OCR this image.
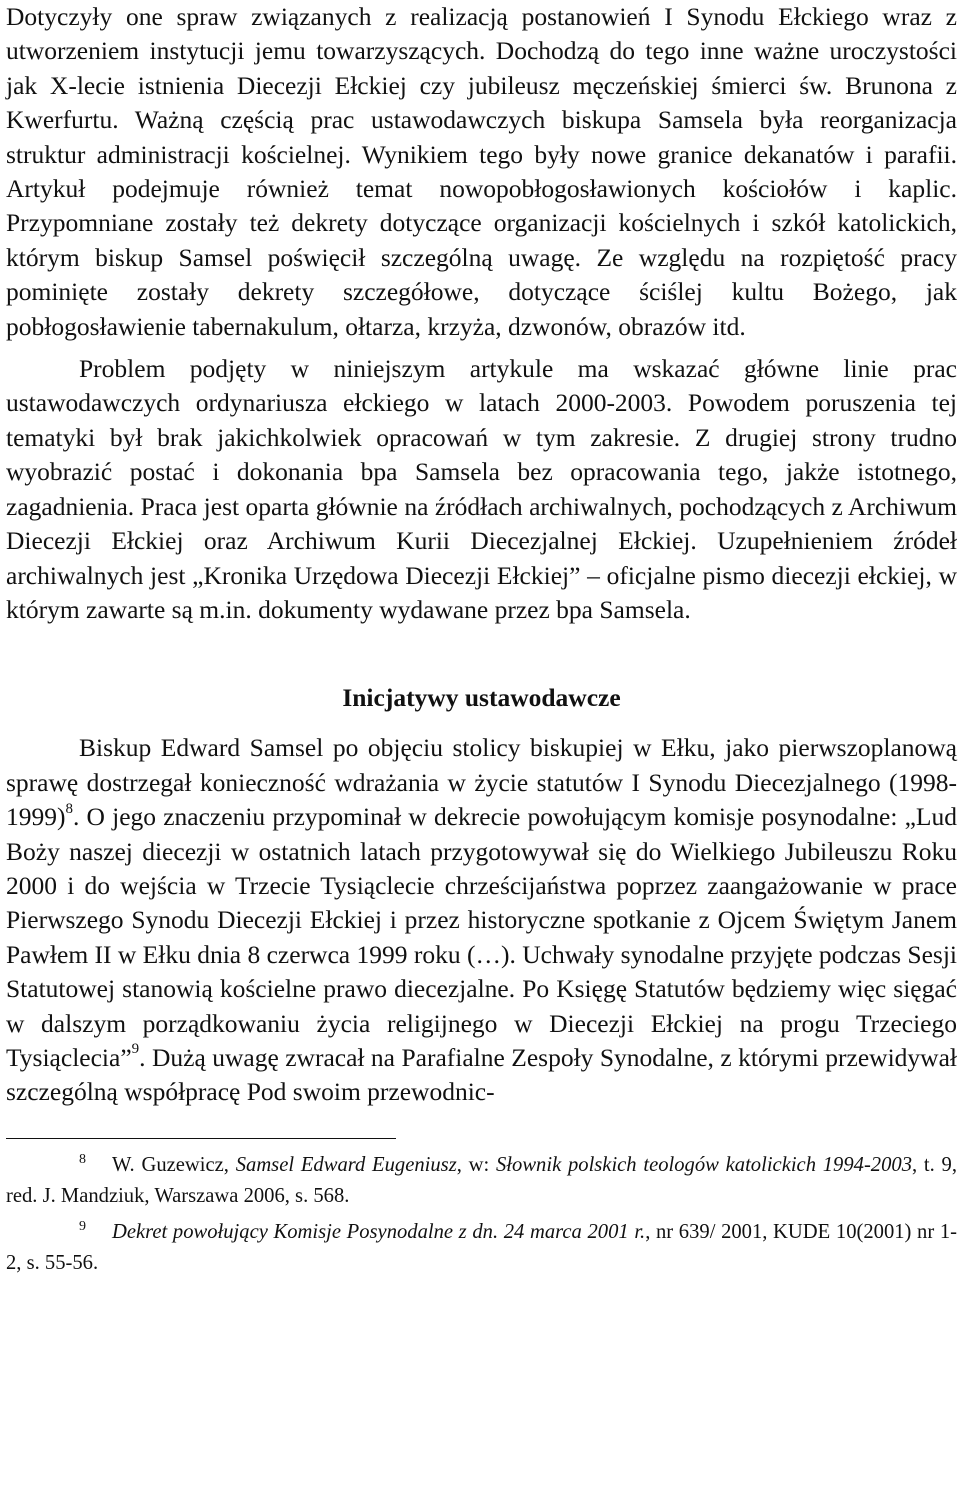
Dotyczyły one spraw związanych z realizacją postanowień I Synodu Ełckiego wraz z utworzeniem instytucji jemu towarzyszących. Dochodzą do tego inne ważne uroczystości jak X-lecie istnienia Diecezji Ełckiej czy jubileusz męczeńskiej śmierci św. Brunona z Kwerfurtu. Ważną częścią prac ustawodawczych biskupa Samsela była reorganizacja struktur administracji kościelnej. Wynikiem tego były nowe granice dekanatów i parafii. Artykuł podejmuje również temat nowopobłogosławionych kościołów i kaplic. Przypomniane zostały też dekrety dotyczące organizacji kościelnych i szkół katolickich, którym biskup Samsel poświęcił szczególną uwagę. Ze względu na rozpiętość pracy pominięte zostały dekrety szczegółowe, dotyczące ściślej kultu Bożego, jak pobłogosławienie tabernakulum, ołtarza, krzyża, dzwonów, obrazów itd.

Problem podjęty w niniejszym artykule ma wskazać główne linie prac ustawodawczych ordynariusza ełckiego w latach 2000-2003. Powodem poruszenia tej tematyki był brak jakichkolwiek opracowań w tym zakresie. Z drugiej strony trudno wyobrazić postać i dokonania bpa Samsela bez opracowania tego, jakże istotnego, zagadnienia. Praca jest oparta głównie na źródłach archiwalnych, pochodzących z Archiwum Diecezji Ełckiej oraz Archiwum Kurii Diecezjalnej Ełckiej. Uzupełnieniem źródeł archiwalnych jest „Kronika Urzędowa Diecezji Ełckiej” – oficjalne pismo diecezji ełckiej, w którym zawarte są m.in. dokumenty wydawane przez bpa Samsela.

Inicjatywy ustawodawcze

Biskup Edward Samsel po objęciu stolicy biskupiej w Ełku, jako pierwszoplanową sprawę dostrzegał konieczność wdrażania w życie statutów I Synodu Diecezjalnego (1998-1999)$^8$. O jego znaczeniu przypominał w dekrecie powołującym komisje posynodalne: „Lud Boży naszej diecezji w ostatnich latach przygotowywał się do Wielkiego Jubileuszu Roku 2000 i do wejścia w Trzecie Tysiąclecie chrześcijaństwa poprzez zaangażowanie w prace Pierwszego Synodu Diecezji Ełckiej i przez historyczne spotkanie z Ojcem Świętym Janem Pawłem II w Ełku dnia 8 czerwca 1999 roku (…). Uchwały synodalne przyjęte podczas Sesji Statutowej stanowią kościelne prawo diecezjalne. Po Księgę Statutów będziemy więc sięgać w dalszym porządkowaniu życia religijnego w Diecezji Ełckiej na progu Trzeciego Tysiąclecia”$^9$. Dużą uwagę zwracał na Parafialne Zespoły Synodalne, z którymi przewidywał szczególną współpracę Pod swoim przewodnic-

$^8$ W. Guzewicz, Samsel Edward Eugeniusz, w: Słownik polskich teologów katolickich 1994-2003, t. 9, red. J. Mandziuk, Warszawa 2006, s. 568.

$^9$ Dekret powołujący Komisje Posynodalne z dn. 24 marca 2001 r., nr 639/ 2001, KUDE 10(2001) nr 1-2, s. 55-56.
